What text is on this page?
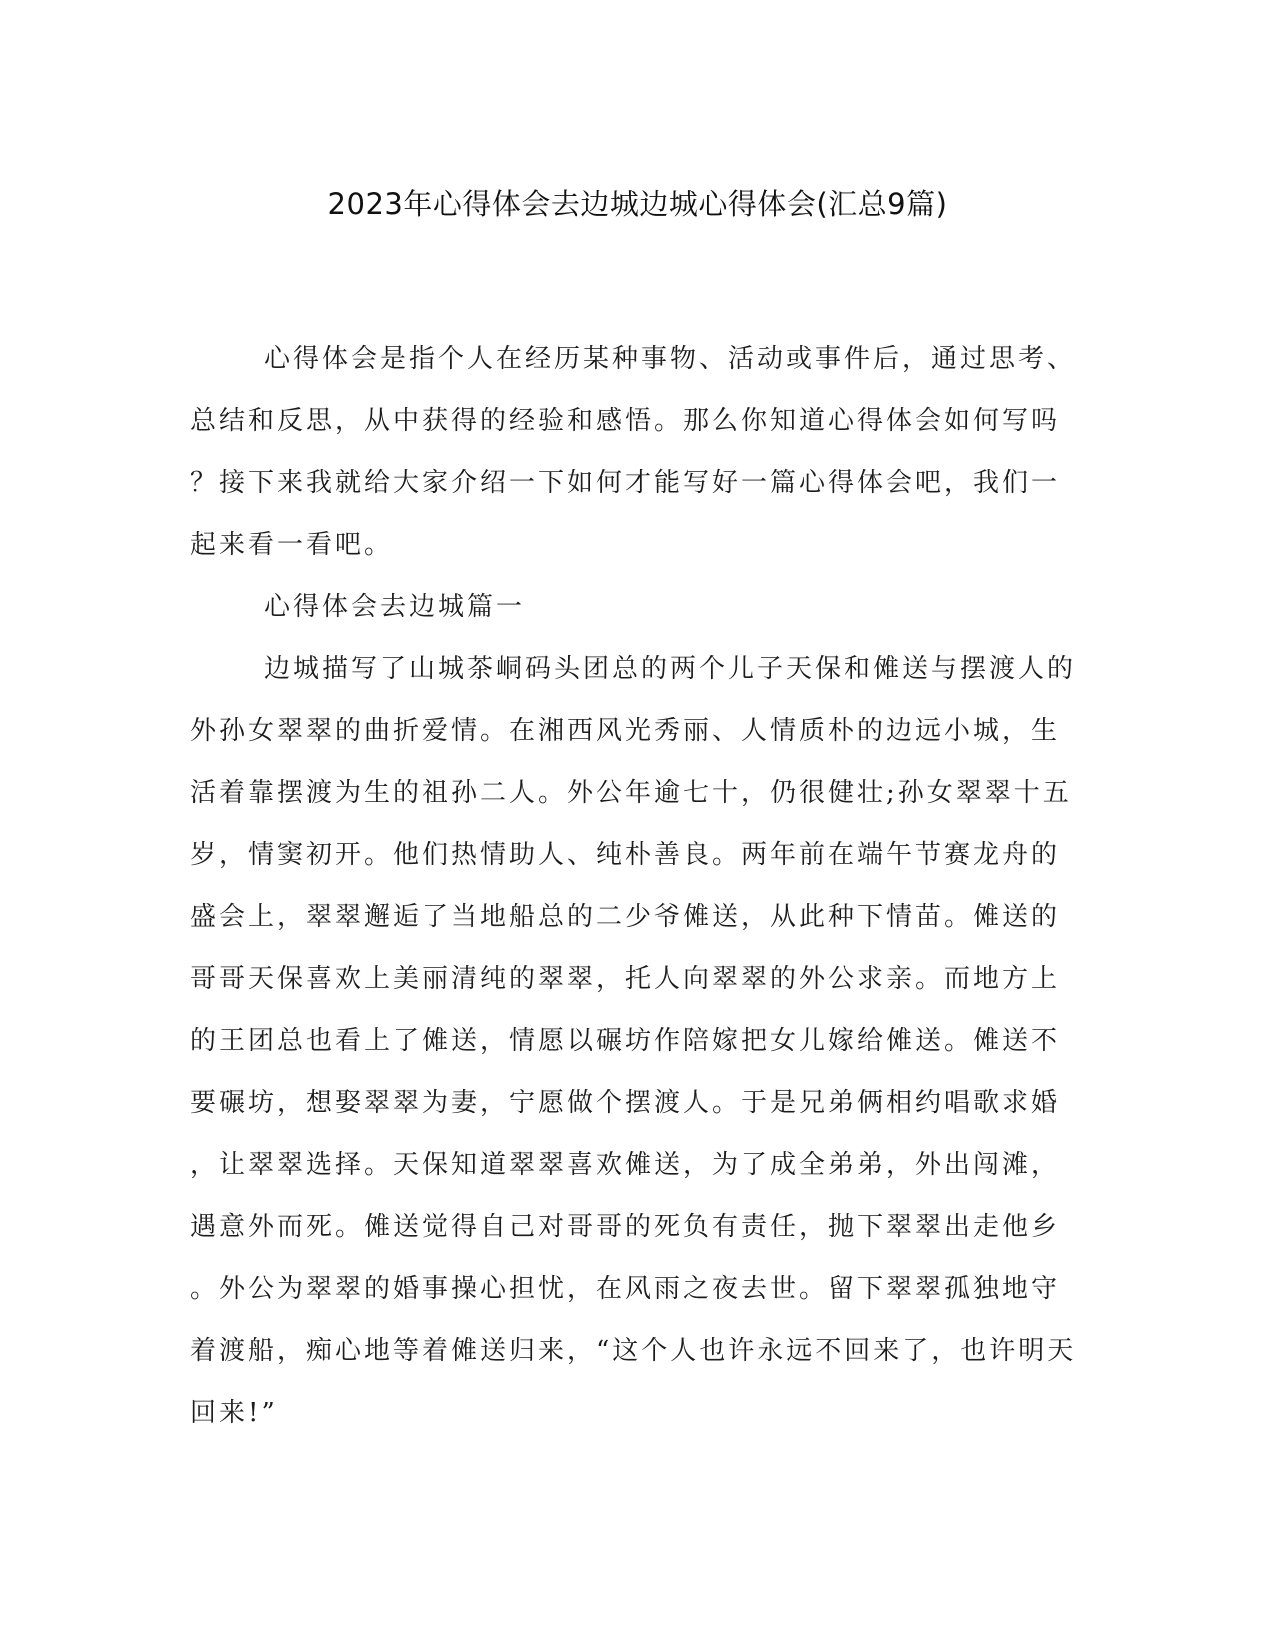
2023年心得体会去边城边城心得体会(汇总9篇)
心得体会是指个人在经历某种事物、活动或事件后，通过思考、
总结和反思，从中获得的经验和感悟。那么你知道心得体会如何写吗
？接下来我就给大家介绍一下如何才能写好一篇心得体会吧，我们一
起来看一看吧。
心得体会去边城篇一
边城描写了山城茶峒码头团总的两个儿子天保和傩送与摆渡人的
外孙女翠翠的曲折爱情。在湘西风光秀丽、人情质朴的边远小城，生
活着靠摆渡为生的祖孙二人。外公年逾七十，仍很健壮;孙女翠翠十五
岁，情窦初开。他们热情助人、纯朴善良。两年前在端午节赛龙舟的
盛会上，翠翠邂逅了当地船总的二少爷傩送，从此种下情苗。傩送的
哥哥天保喜欢上美丽清纯的翠翠，托人向翠翠的外公求亲。而地方上
的王团总也看上了傩送，情愿以碾坊作陪嫁把女儿嫁给傩送。傩送不
要碾坊，想娶翠翠为妻，宁愿做个摆渡人。于是兄弟俩相约唱歌求婚
，让翠翠选择。天保知道翠翠喜欢傩送，为了成全弟弟，外出闯滩，
遇意外而死。傩送觉得自己对哥哥的死负有责任，抛下翠翠出走他乡
。外公为翠翠的婚事操心担忧，在风雨之夜去世。留下翠翠孤独地守
着渡船，痴心地等着傩送归来，“这个人也许永远不回来了，也许明天
回来!”
